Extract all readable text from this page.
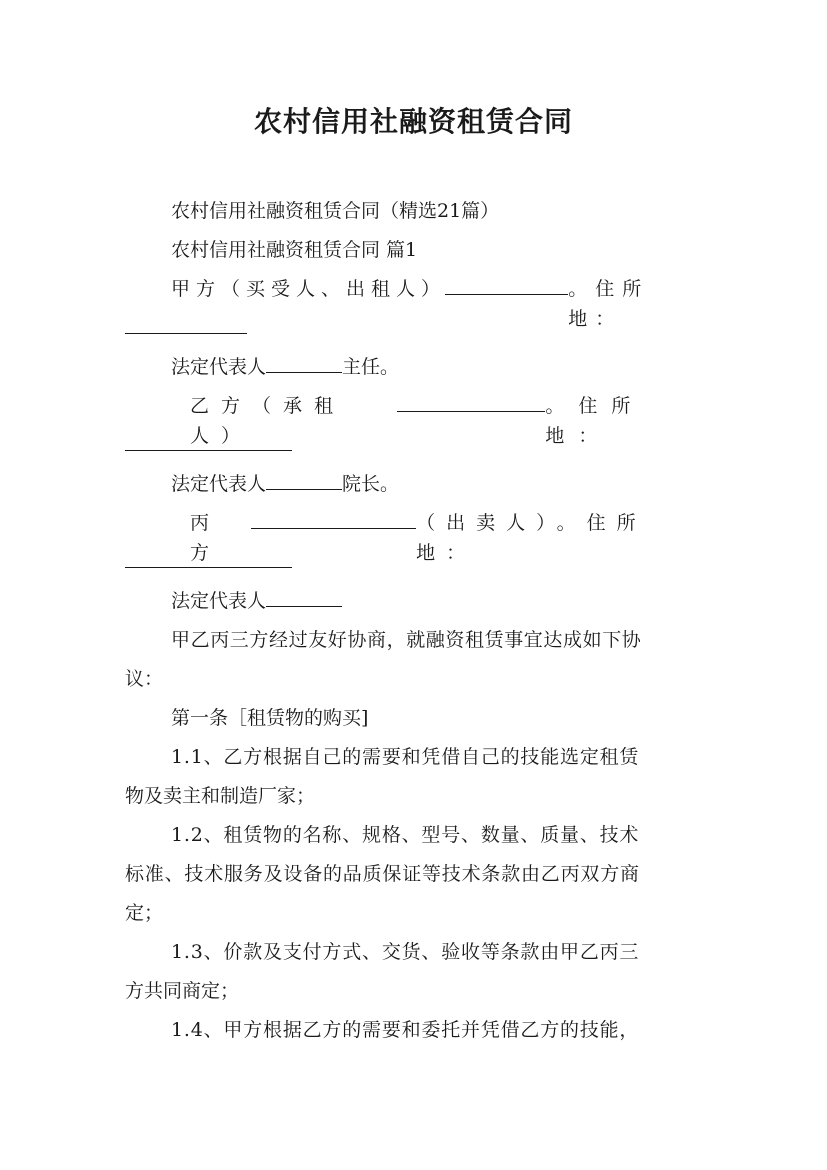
农村信用社融资租赁合同
农村信用社融资租赁合同（精选21篇）
农村信用社融资租赁合同 篇1
甲方（买受人、出租人）	。住所地：
法定代表人	主任。
乙方（承租人）
。住所地：
法定代表人	院长。
丙方
（出卖人）。住所地：
法定代表人
甲乙丙三方经过友好协商，就融资租赁事宜达成如下协
议：
第一条［租赁物的购买]
1.1、乙方根据自己的需要和凭借自己的技能选定租赁
物及卖主和制造厂家；
1.2、租赁物的名称、规格、型号、数量、质量、技术
标准、技术服务及设备的品质保证等技术条款由乙丙双方商
定；
1.3、价款及支付方式、交货、验收等条款由甲乙丙三
方共同商定；
1.4、甲方根据乙方的需要和委托并凭借乙方的技能，
